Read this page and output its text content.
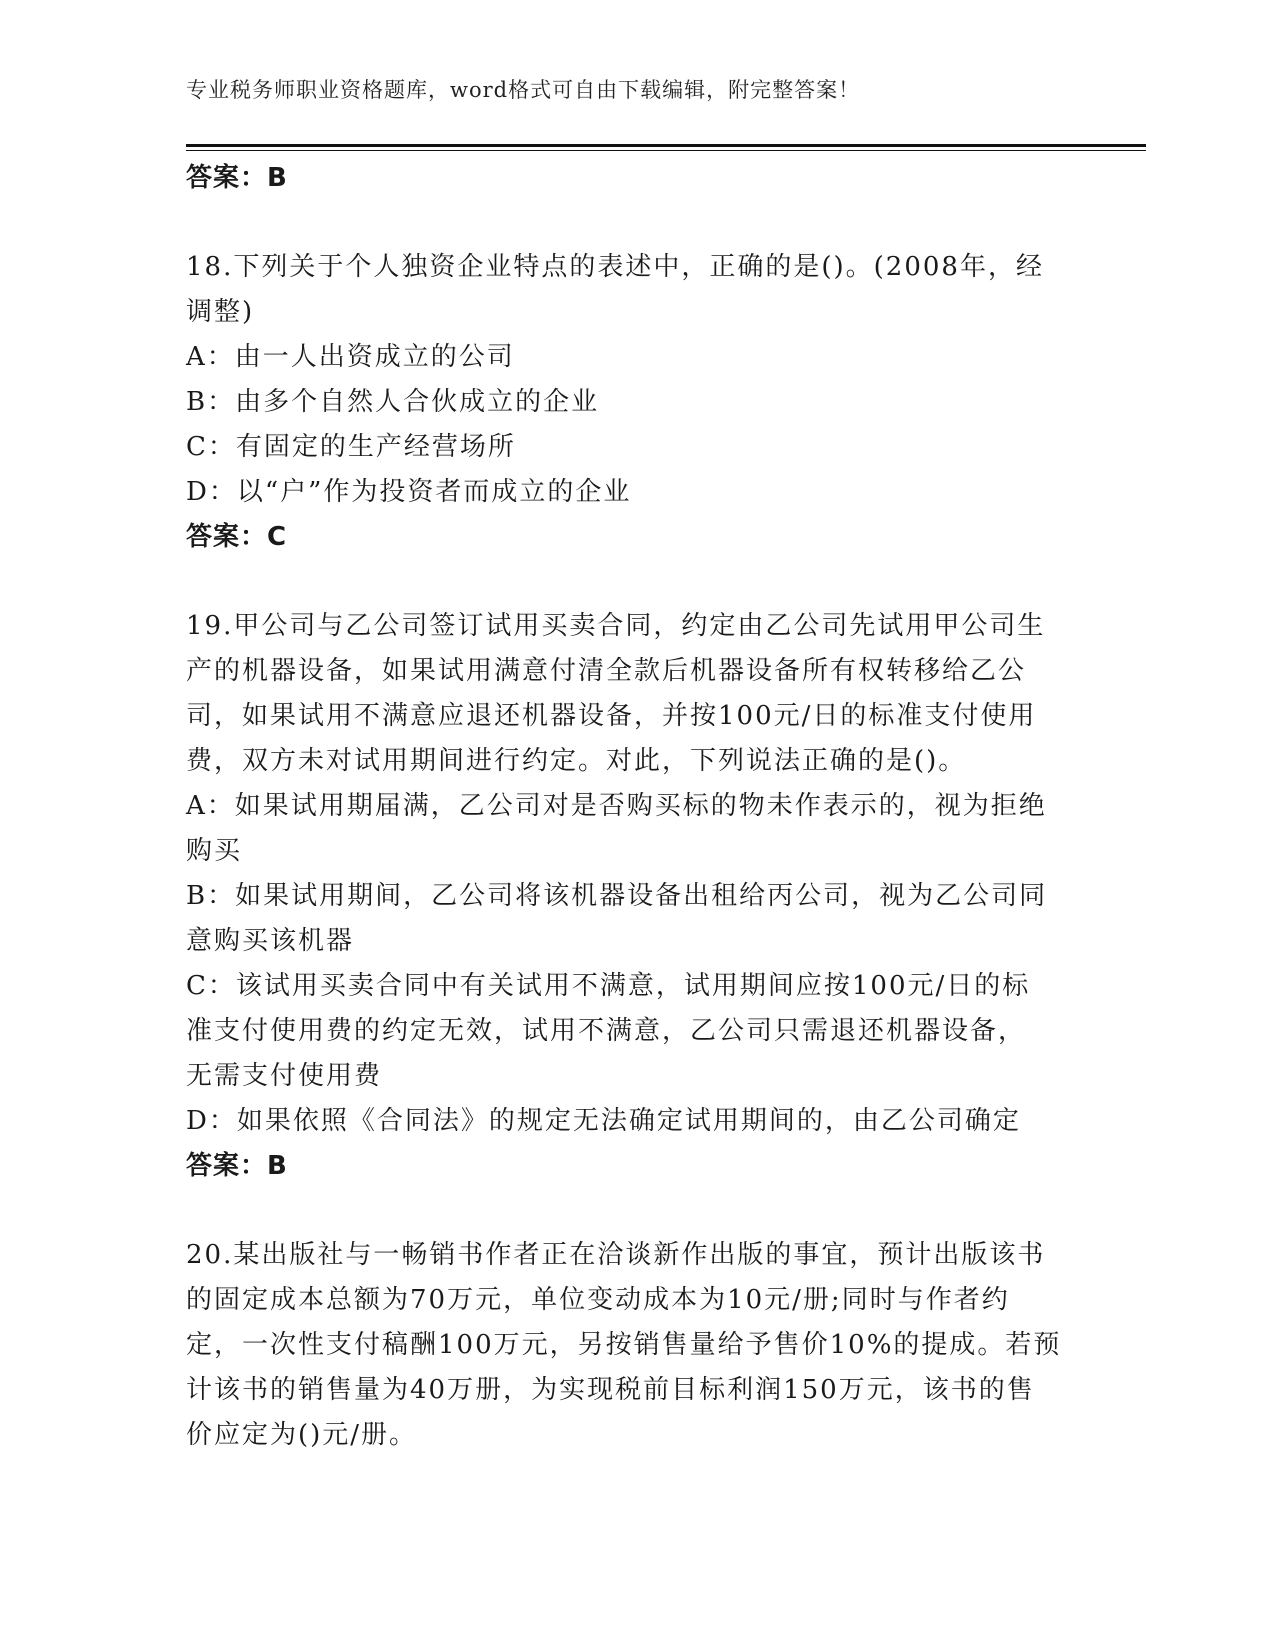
专业税务师职业资格题库，word格式可自由下载编辑，附完整答案！
答案：B
18.下列关于个人独资企业特点的表述中，正确的是()。(2008年，经
调整)
A：由一人出资成立的公司
B：由多个自然人合伙成立的企业
C：有固定的生产经营场所
D：以“户”作为投资者而成立的企业
答案：C
19.甲公司与乙公司签订试用买卖合同，约定由乙公司先试用甲公司生
产的机器设备，如果试用满意付清全款后机器设备所有权转移给乙公
司，如果试用不满意应退还机器设备，并按100元/日的标准支付使用
费，双方未对试用期间进行约定。对此，下列说法正确的是()。
A：如果试用期届满，乙公司对是否购买标的物未作表示的，视为拒绝
购买
B：如果试用期间，乙公司将该机器设备出租给丙公司，视为乙公司同
意购买该机器
C：该试用买卖合同中有关试用不满意，试用期间应按100元/日的标
准支付使用费的约定无效，试用不满意，乙公司只需退还机器设备，
无需支付使用费
D：如果依照《合同法》的规定无法确定试用期间的，由乙公司确定
答案：B
20.某出版社与一畅销书作者正在洽谈新作出版的事宜，预计出版该书
的固定成本总额为70万元，单位变动成本为10元/册;同时与作者约
定，一次性支付稿酬100万元，另按销售量给予售价10%的提成。若预
计该书的销售量为40万册，为实现税前目标利润150万元，该书的售
价应定为()元/册。
